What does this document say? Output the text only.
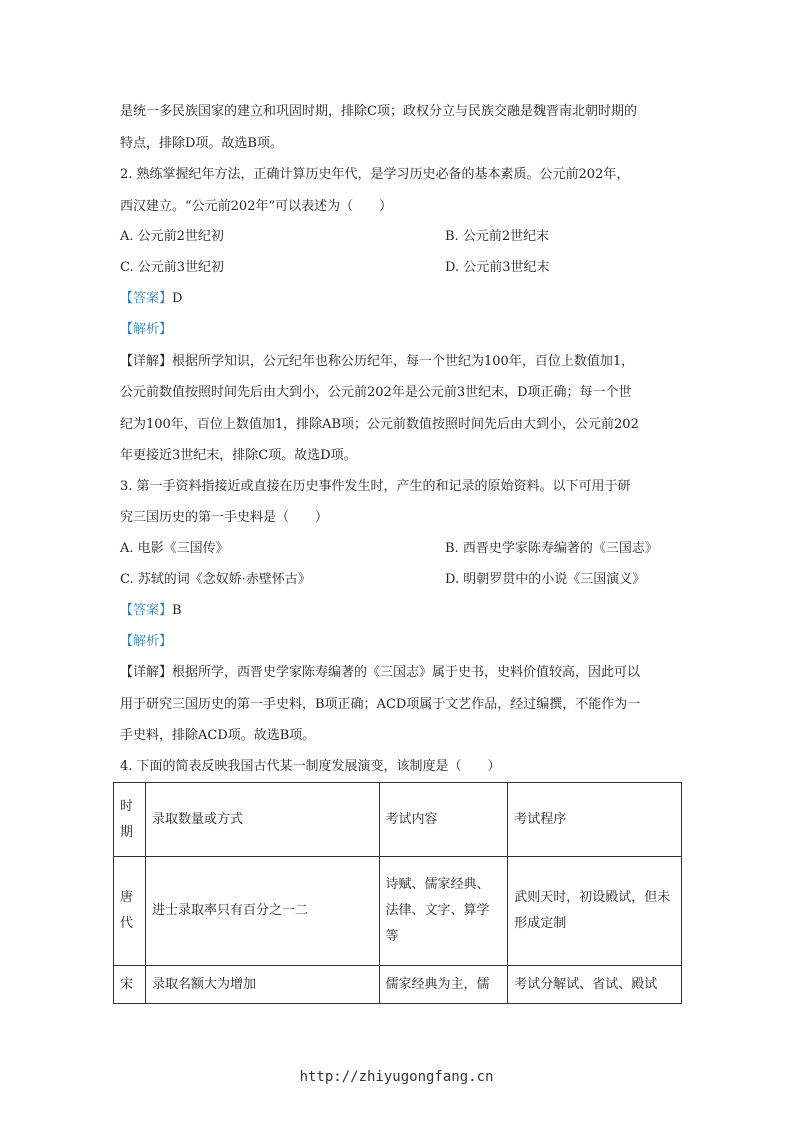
是统一多民族国家的建立和巩固时期，排除C项；政权分立与民族交融是魏晋南北朝时期的
特点，排除D项。故选B项。
2. 熟练掌握纪年方法，正确计算历史年代，是学习历史必备的基本素质。公元前202年，
西汉建立。“公元前202年”可以表述为（　　）
A. 公元前2世纪初	B. 公元前2世纪末
C. 公元前3世纪初	D. 公元前3世纪末
【答案】D
【解析】
【详解】根据所学知识，公元纪年也称公历纪年，每一个世纪为100年，百位上数值加1，
公元前数值按照时间先后由大到小，公元前202年是公元前3世纪末，D项正确；每一个世
纪为100年，百位上数值加1，排除AB项；公元前数值按照时间先后由大到小，公元前202
年更接近3世纪末，排除C项。故选D项。
3. 第一手资料指接近或直接在历史事件发生时，产生的和记录的原始资料。以下可用于研
究三国历史的第一手史料是（　　）
A. 电影《三国传》	B. 西晋史学家陈寿编著的《三国志》
C. 苏轼的词《念奴娇·赤壁怀古》	D. 明朝罗贯中的小说《三国演义》
【答案】B
【解析】
【详解】根据所学，西晋史学家陈寿编著的《三国志》属于史书，史料价值较高，因此可以
用于研究三国历史的第一手史料，B项正确；ACD项属于文艺作品，经过编撰，不能作为一
手史料，排除ACD项。故选B项。
4. 下面的简表反映我国古代某一制度发展演变，该制度是（　　）
时期	录取数量或方式	考试内容	考试程序
唐代	进士录取率只有百分之一二	诗赋、儒家经典、法律、文字、算学等	武则天时，初设殿试，但未形成定制
宋	录取名额大为增加	儒家经典为主，儒	考试分解试、省试、殿试
http://zhiyugongfang.cn
